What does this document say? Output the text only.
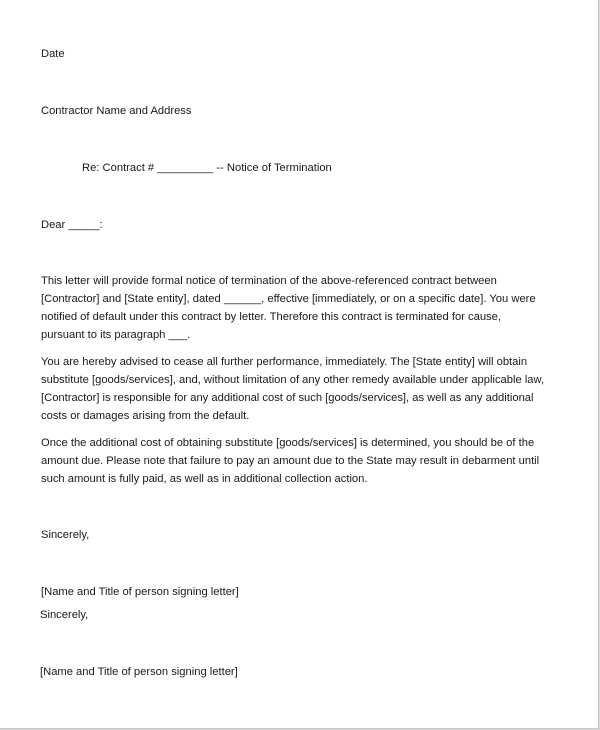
Date
Contractor Name and Address
Re: Contract # _________ -- Notice of Termination
Dear _____:
This letter will provide formal notice of termination of the above-referenced contract between
[Contractor] and [State entity], dated ______, effective [immediately, or on a specific date]. You were
notified of default under this contract by letter. Therefore this contract is terminated for cause,
pursuant to its paragraph ___.
You are hereby advised to cease all further performance, immediately. The [State entity] will obtain
substitute [goods/services], and, without limitation of any other remedy available under applicable law,
[Contractor] is responsible for any additional cost of such [goods/services], as well as any additional
costs or damages arising from the default.
Once the additional cost of obtaining substitute [goods/services] is determined, you should be of the
amount due. Please note that failure to pay an amount due to the State may result in debarment until
such amount is fully paid, as well as in additional collection action.
Sincerely,
[Name and Title of person signing letter]
Sincerely,
[Name and Title of person signing letter]
